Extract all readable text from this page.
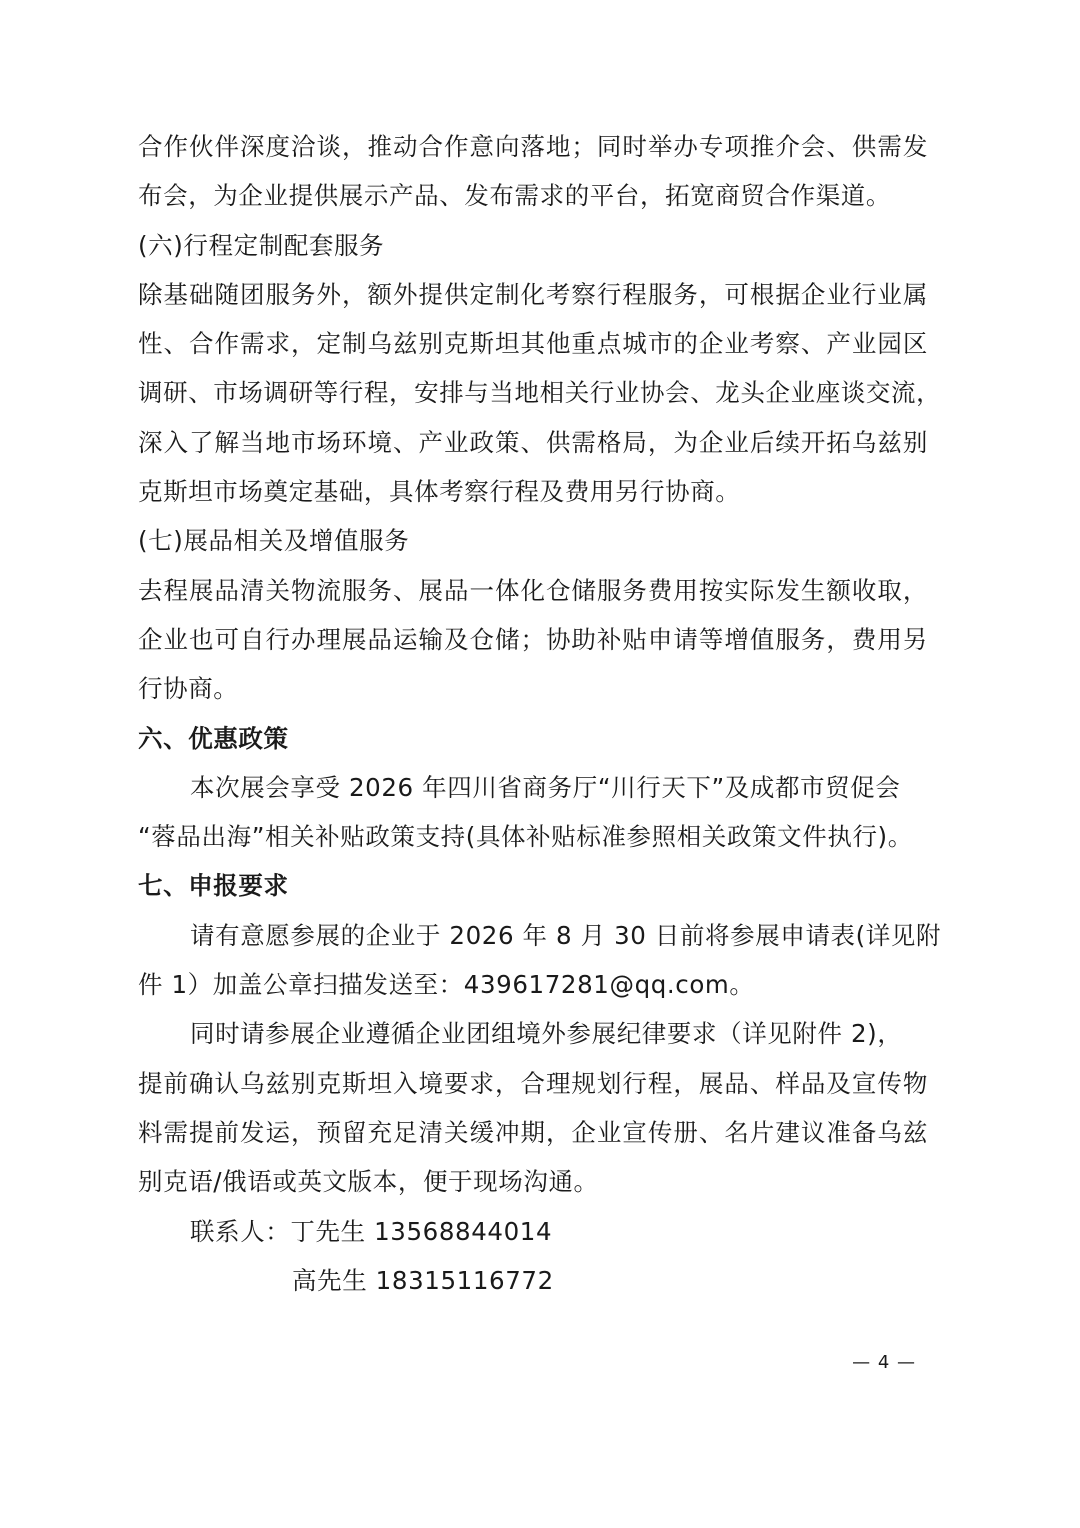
合作伙伴深度洽谈，推动合作意向落地；同时举办专项推介会、供需发
布会，为企业提供展示产品、发布需求的平台，拓宽商贸合作渠道。
(六)行程定制配套服务
除基础随团服务外，额外提供定制化考察行程服务，可根据企业行业属
性、合作需求，定制乌兹别克斯坦其他重点城市的企业考察、产业园区
调研、市场调研等行程，安排与当地相关行业协会、龙头企业座谈交流，
深入了解当地市场环境、产业政策、供需格局，为企业后续开拓乌兹别
克斯坦市场奠定基础，具体考察行程及费用另行协商。
(七)展品相关及增值服务
去程展品清关物流服务、展品一体化仓储服务费用按实际发生额收取，
企业也可自行办理展品运输及仓储；协助补贴申请等增值服务，费用另
行协商。
六、优惠政策
本次展会享受 2026 年四川省商务厅“川行天下”及成都市贸促会
“蓉品出海”相关补贴政策支持(具体补贴标准参照相关政策文件执行)。
七、申报要求
请有意愿参展的企业于 2026 年 8 月 30 日前将参展申请表(详见附
件 1）加盖公章扫描发送至：439617281@qq.com。
同时请参展企业遵循企业团组境外参展纪律要求（详见附件 2)，
提前确认乌兹别克斯坦入境要求，合理规划行程，展品、样品及宣传物
料需提前发运，预留充足清关缓冲期，企业宣传册、名片建议准备乌兹
别克语/俄语或英文版本，便于现场沟通。
联系人：丁先生 13568844014
高先生 18315116772
— 4 —
